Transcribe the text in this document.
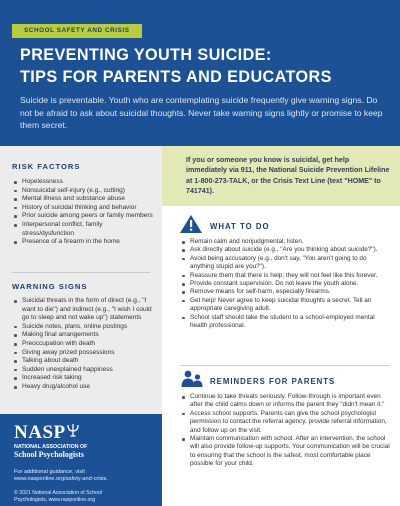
SCHOOL SAFETY AND CRISIS
PREVENTING YOUTH SUICIDE:
TIPS FOR PARENTS AND EDUCATORS
Suicide is preventable. Youth who are contemplating suicide frequently give warning signs. Do not be afraid to ask about suicidal thoughts. Never take warning signs lightly or promise to keep them secret.
RISK FACTORS
Hopelessness
Nonsuicidal self-injury (e.g., cutting)
Mental illness and substance abuse
History of suicidal thinking and behavior
Prior suicide among peers or family members
Interpersonal conflict, family stress/dysfunction
Presence of a firearm in the home
WARNING SIGNS
Suicidal threats in the form of direct (e.g., "I want to die") and indirect (e.g., "I wish I could go to sleep and not wake up") statements
Suicide notes, plans, online postings
Making final arrangements
Preoccupation with death
Giving away prized possessions
Talking about death
Sudden unexplained happiness
Increased risk taking
Heavy drug/alcohol use
NASP
NATIONAL ASSOCIATION OF
School Psychologists
For additional guidance, visit
www.nasponline.org/safety-and-crisis.
© 2021 National Association of School
Psychologists, www.nasponline.org
If you or someone you know is suicidal, get help immediately via 911, the National Suicide Prevention Lifeline at 1-800-273-TALK, or the Crisis Text Line (text "HOME" to 741741).
WHAT TO DO
Remain calm and nonjudgmental; listen.
Ask directly about suicide (e.g., "Are you thinking about suicide?").
Avoid being accusatory (e.g., don't say, "You aren't going to do anything stupid are you?").
Reassure them that there is help; they will not feel like this forever.
Provide constant supervision. Do not leave the youth alone.
Remove means for self-harm, especially firearms.
Get help! Never agree to keep suicidal thoughts a secret. Tell an appropriate caregiving adult.
School staff should take the student to a school-employed mental health professional.
REMINDERS FOR PARENTS
Continue to take threats seriously. Follow-through is important even after the child calms down or informs the parent they "didn't mean it."
Access school supports. Parents can give the school psychologist permission to contact the referral agency, provide referral information, and follow up on the visit.
Maintain communication with school. After an intervention, the school will also provide follow-up supports. Your communication will be crucial to ensuring that the school is the safest, most comfortable place possible for your child.
